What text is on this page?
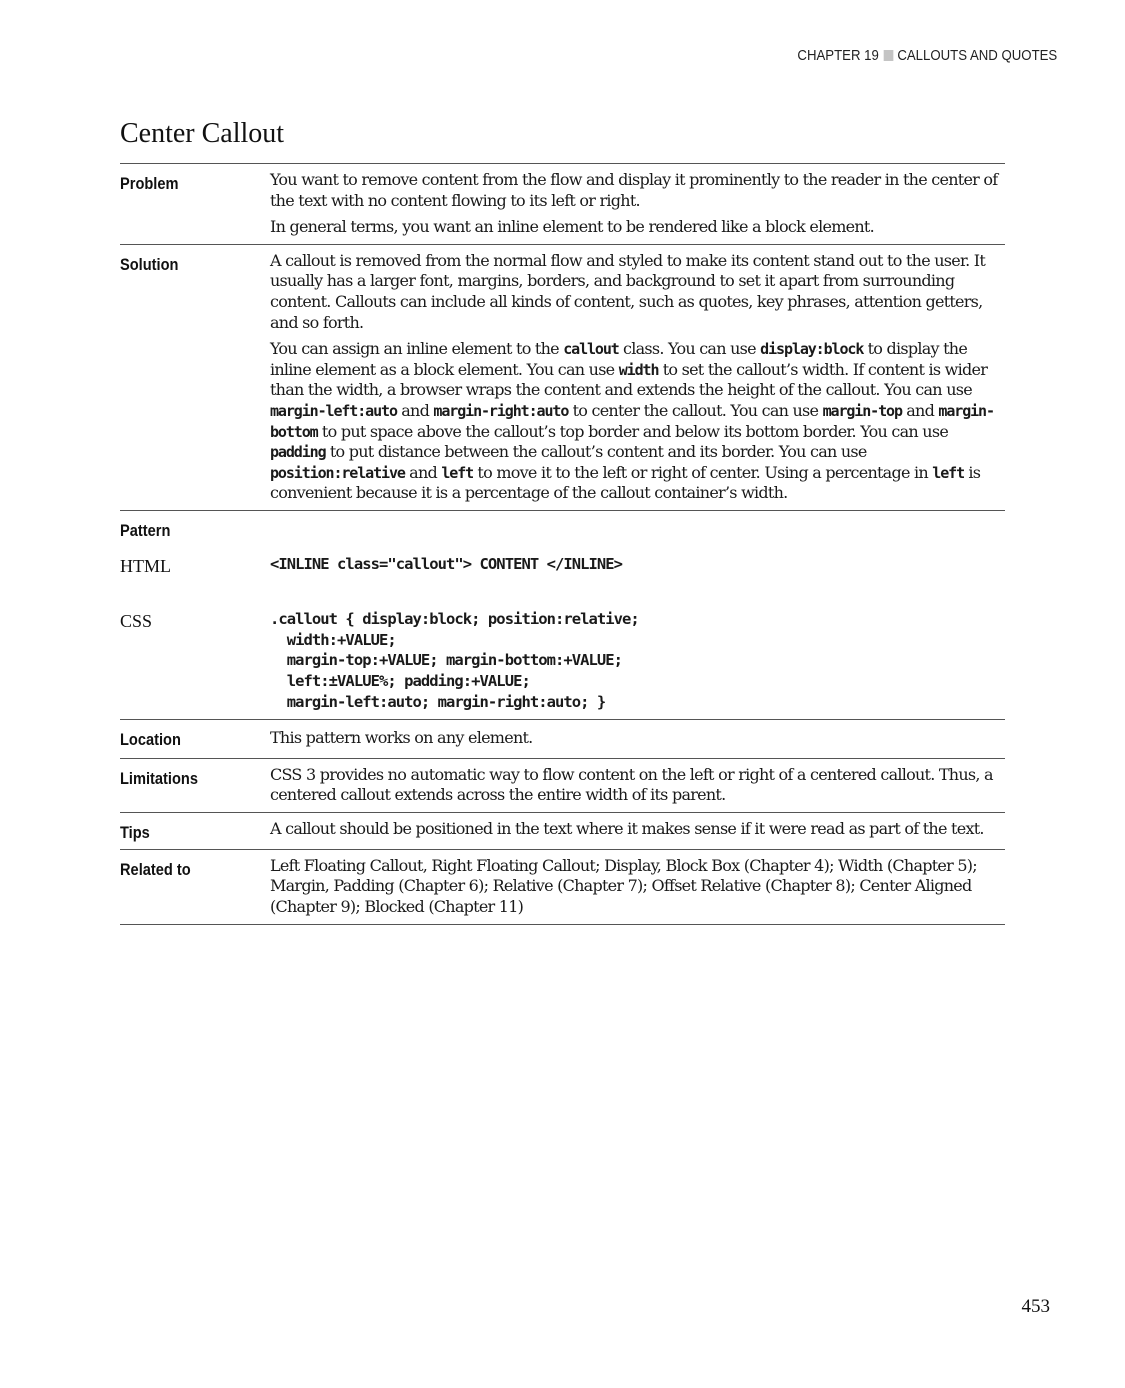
CHAPTER 19 CALLOUTS AND QUOTES
Center Callout
Problem	You want to remove content from the flow and display it prominently to the reader in the center of the text with no content flowing to its left or right.

In general terms, you want an inline element to be rendered like a block element.

Solution	A callout is removed from the normal flow and styled to make its content stand out to the user. It usually has a larger font, margins, borders, and background to set it apart from surrounding content. Callouts can include all kinds of content, such as quotes, key phrases, attention getters, and so forth.

You can assign an inline element to the callout class. You can use display:block to display the inline element as a block element. You can use width to set the callout’s width. If content is wider than the width, a browser wraps the content and extends the height of the callout. You can use margin-left:auto and margin-right:auto to center the callout. You can use margin-top and margin-bottom to put space above the callout’s top border and below its bottom border. You can use padding to put distance between the callout’s content and its border. You can use position:relative and left to move it to the left or right of center. Using a percentage in left is convenient because it is a percentage of the callout container’s width.

Pattern	
HTML	<INLINE class="callout"> CONTENT </INLINE>

CSS	.callout { display:block; position:relative;
width:+VALUE;
margin-top:+VALUE; margin-bottom:+VALUE;
left:±VALUE%; padding:+VALUE;
margin-left:auto; margin-right:auto; }

Location	This pattern works on any element.

Limitations	CSS 3 provides no automatic way to flow content on the left or right of a centered callout. Thus, a centered callout extends across the entire width of its parent.

Tips	A callout should be positioned in the text where it makes sense if it were read as part of the text.

Related to	Left Floating Callout, Right Floating Callout; Display, Block Box (Chapter 4); Width (Chapter 5); Margin, Padding (Chapter 6); Relative (Chapter 7); Offset Relative (Chapter 8); Center Aligned (Chapter 9); Blocked (Chapter 11)

453
